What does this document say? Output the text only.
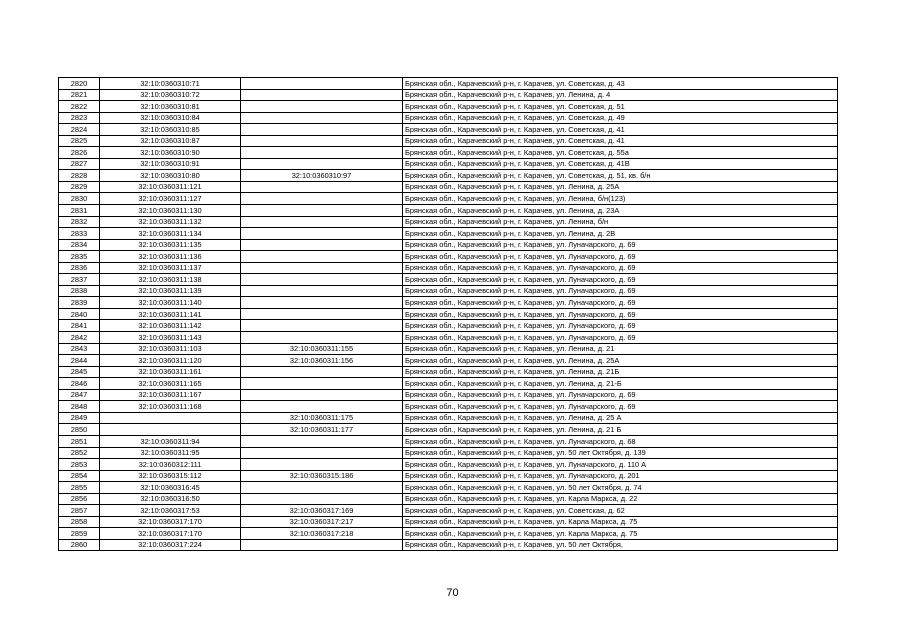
2820	32:10:0360310:71		Брянская обл., Карачевский р-н, г. Карачев, ул. Советская, д. 43
2821	32:10:0360310:72		Брянская обл., Карачевский р-н, г. Карачев, ул. Ленина, д. 4
2822	32:10:0360310:81		Брянская обл., Карачевский р-н, г. Карачев, ул. Советская, д. 51
2823	32:10:0360310:84		Брянская обл., Карачевский р-н, г. Карачев, ул. Советская, д. 49
2824	32:10:0360310:85		Брянская обл., Карачевский р-н, г. Карачев, ул. Советская, д. 41
2825	32:10:0360310:87		Брянская обл., Карачевский р-н, г. Карачев, ул. Советская, д. 41
2826	32:10:0360310:90		Брянская обл., Карачевский р-н, г. Карачев, ул. Советская, д. 55а
2827	32:10:0360310:91		Брянская обл., Карачевский р-н, г. Карачев, ул. Советская, д. 41В
2828	32:10:0360310:80	32:10:0360310:97	Брянская обл., Карачевский р-н, г. Карачев, ул. Советская, д. 51, кв. б/н
2829	32:10:0360311:121		Брянская обл., Карачевский р-н, г. Карачев, ул. Ленина, д. 25А
2830	32:10:0360311:127		Брянская обл., Карачевский р-н, г. Карачев, ул. Ленина, б/н(123)
2831	32:10:0360311:130		Брянская обл., Карачевский р-н, г. Карачев, ул. Ленина, д. 23А
2832	32:10:0360311:132		Брянская обл., Карачевский р-н, г. Карачев, ул. Ленина, б/н
2833	32:10:0360311:134		Брянская обл., Карачевский р-н, г. Карачев, ул. Ленина, д. 2В
2834	32:10:0360311:135		Брянская обл., Карачевский р-н, г. Карачев, ул. Луначарского, д. 69
2835	32:10:0360311:136		Брянская обл., Карачевский р-н, г. Карачев, ул. Луначарского, д. 69
2836	32:10:0360311:137		Брянская обл., Карачевский р-н, г. Карачев, ул. Луначарского, д. 69
2837	32:10:0360311:138		Брянская обл., Карачевский р-н, г. Карачев, ул. Луначарского, д. 69
2838	32:10:0360311:139		Брянская обл., Карачевский р-н, г. Карачев, ул. Луначарского, д. 69
2839	32:10:0360311:140		Брянская обл., Карачевский р-н, г. Карачев, ул. Луначарского, д. 69
2840	32:10:0360311:141		Брянская обл., Карачевский р-н, г. Карачев, ул. Луначарского, д. 69
2841	32:10:0360311:142		Брянская обл., Карачевский р-н, г. Карачев, ул. Луначарского, д. 69
2842	32:10:0360311:143		Брянская обл., Карачевский р-н, г. Карачев, ул. Луначарского, д. 69
2843	32:10:0360311:103	32:10:0360311:155	Брянская обл., Карачевский р-н, г. Карачев, ул. Ленина, д. 21
2844	32:10:0360311:120	32:10:0360311:156	Брянская обл., Карачевский р-н, г. Карачев, ул. Ленина, д. 25А
2845	32:10:0360311:161		Брянская обл., Карачевский р-н, г. Карачев, ул. Ленина, д. 21Б
2846	32:10:0360311:165		Брянская обл., Карачевский р-н, г. Карачев, ул. Ленина, д. 21-Б
2847	32:10:0360311:167		Брянская обл., Карачевский р-н, г. Карачев, ул. Луначарского, д. 69
2848	32:10:0360311:168		Брянская обл., Карачевский р-н, г. Карачев, ул. Луначарского, д. 69
2849		32:10:0360311:175	Брянская обл., Карачевский р-н, г. Карачев, ул. Ленина, д. 25 А
2850		32:10:0360311:177	Брянская обл., Карачевский р-н, г. Карачев, ул. Ленина, д. 21 Б
2851	32:10:0360311:94		Брянская обл., Карачевский р-н, г. Карачев, ул. Луначарского, д. 68
2852	32:10:0360311:95		Брянская обл., Карачевский р-н, г. Карачев, ул. 50 лет Октября, д. 139
2853	32:10:0360312:111		Брянская обл., Карачевский р-н, г. Карачев, ул. Луначарского, д. 110 А
2854	32:10:0360315:112	32:10:0360315:186	Брянская обл., Карачевский р-н, г. Карачев, ул. Луначарского, д. 201
2855	32:10:0360316:45		Брянская обл., Карачевский р-н, г. Карачев, ул. 50 лет Октября, д. 74
2856	32:10:0360316:50		Брянская обл., Карачевский р-н, г. Карачев, ул. Карла Маркса, д. 22
2857	32:10:0360317:53	32:10:0360317:169	Брянская обл., Карачевский р-н, г. Карачев, ул. Советская, д. 62
2858	32:10:0360317:170	32:10:0360317:217	Брянская обл., Карачевский р-н, г. Карачев, ул. Карла Маркса, д. 75
2859	32:10:0360317:170	32:10:0360317:218	Брянская обл., Карачевский р-н, г. Карачев, ул. Карла Маркса, д. 75
2860	32:10:0360317:224		Брянская обл., Карачевский р-н, г. Карачев, ул. 50 лет Октября,
70
